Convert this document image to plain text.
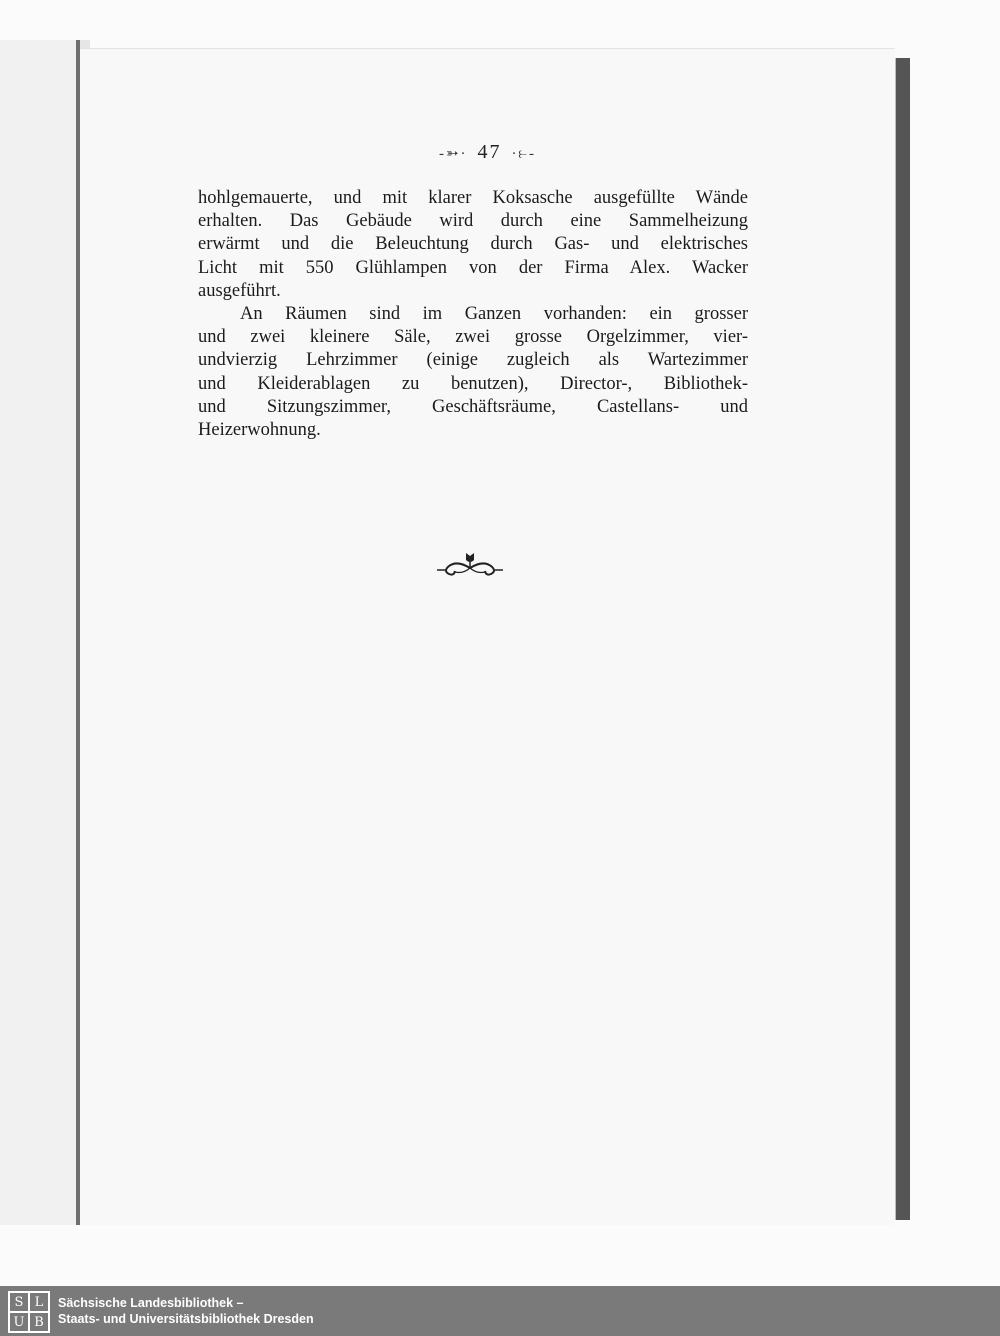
-➳· 47 ·⥼-
hohlgemauerte, und mit klarer Koksasche ausgefüllte Wände
erhalten. Das Gebäude wird durch eine Sammelheizung
erwärmt und die Beleuchtung durch Gas- und elektrisches
Licht mit 550 Glühlampen von der Firma Alex. Wacker
ausgeführt.
An Räumen sind im Ganzen vorhanden: ein grosser
und zwei kleinere Säle, zwei grosse Orgelzimmer, vier-
undvierzig Lehrzimmer (einige zugleich als Wartezimmer
und Kleiderablagen zu benutzen), Director-, Bibliothek-
und Sitzungszimmer, Geschäftsräume, Castellans- und
Heizerwohnung.
S L
U B
Sächsische Landesbibliothek –
Staats- und Universitätsbibliothek Dresden
